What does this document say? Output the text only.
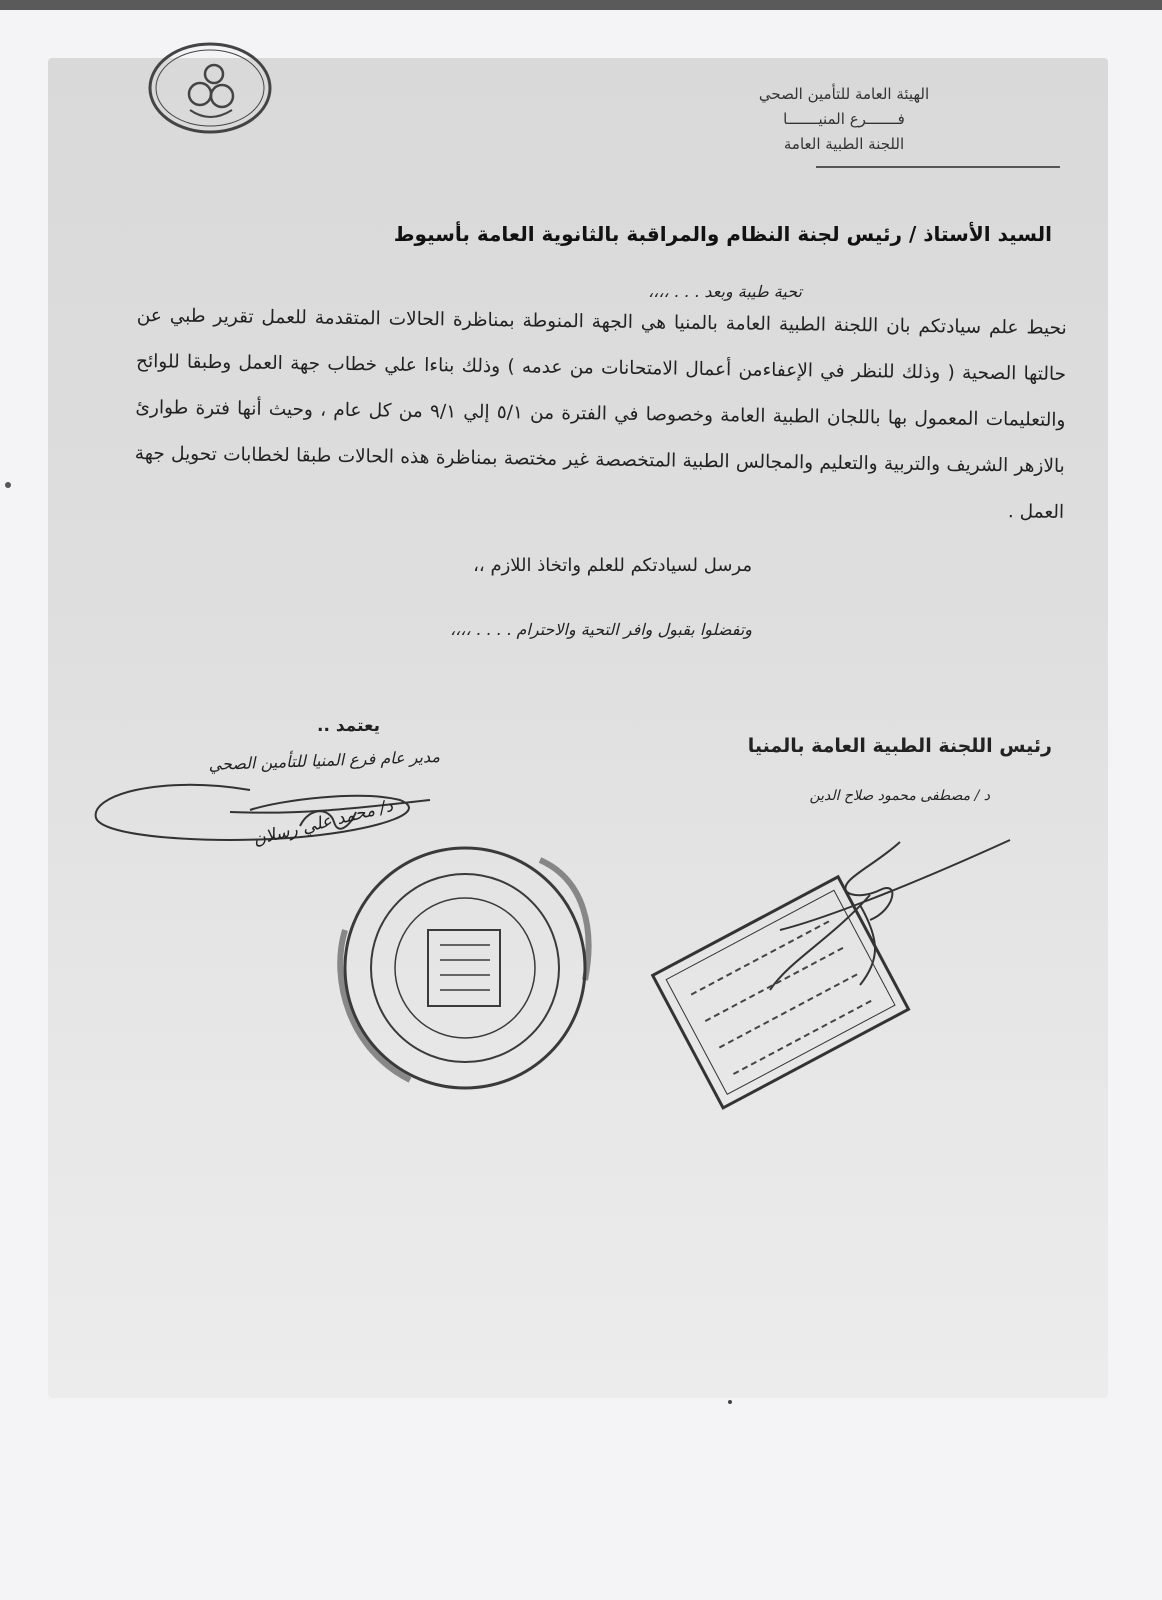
الهيئة العامة للتأمين الصحي
فـــــــرع المنيـــــــا
اللجنة الطبية العامة
السيد الأستاذ / رئيس لجنة النظام والمراقبة بالثانوية العامة بأسيوط
تحية طيبة وبعد . . . ،،،،
نحيط علم سيادتكم بان اللجنة الطبية العامة بالمنيا هي الجهة المنوطة بمناظرة الحالات المتقدمة للعمل تقرير طبي عن حالتها الصحية ( وذلك للنظر في الإعفاءمن أعمال الامتحانات من عدمه ) وذلك بناءا علي خطاب جهة العمل وطبقا للوائح والتعليمات المعمول بها باللجان الطبية العامة وخصوصا في الفترة من ٥/١ إلي ٩/١ من كل عام ، وحيث أنها فترة طوارئ بالازهر الشريف والتربية والتعليم والمجالس الطبية المتخصصة غير مختصة بمناظرة هذه الحالات طبقا لخطابات تحويل جهة العمل .
مرسل لسيادتكم للعلم واتخاذ اللازم ،،
وتفضلوا بقبول وافر التحية والاحترام . . . . ،،،،
رئيس اللجنة الطبية العامة بالمنيا
د / مصطفى محمود صلاح الدين
يعتمد ..
مدير عام فرع المنيا للتأمين الصحي
د/ محمد علي رسلان
